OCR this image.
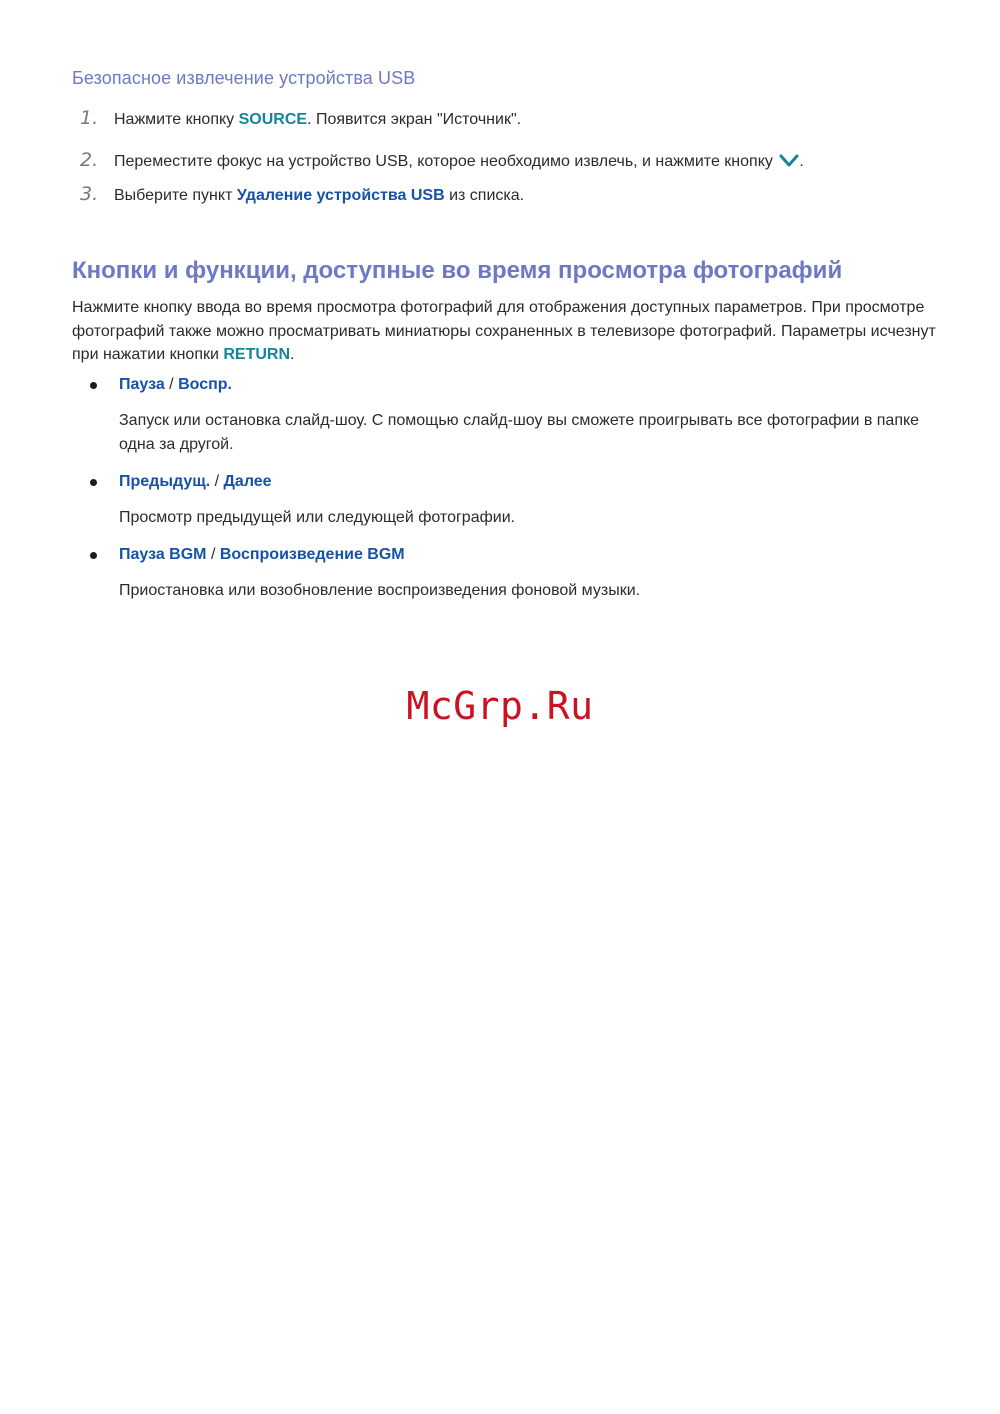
Безопасное извлечение устройства USB
1. Нажмите кнопку SOURCE. Появится экран "Источник".
2. Переместите фокус на устройство USB, которое необходимо извлечь, и нажмите кнопку .
3. Выберите пункт Удаление устройства USB из списка.
Кнопки и функции, доступные во время просмотра фотографий
Нажмите кнопку ввода во время просмотра фотографий для отображения доступных параметров. При просмотре фотографий также можно просматривать миниатюры сохраненных в телевизоре фотографий. Параметры исчезнут при нажатии кнопки RETURN.
Пауза / Воспр.
Запуск или остановка слайд-шоу. С помощью слайд-шоу вы сможете проигрывать все фотографии в папке одна за другой.
Предыдущ. / Далее
Просмотр предыдущей или следующей фотографии.
Пауза BGM / Воспроизведение BGM
Приостановка или возобновление воспроизведения фоновой музыки.
McGrp.Ru
